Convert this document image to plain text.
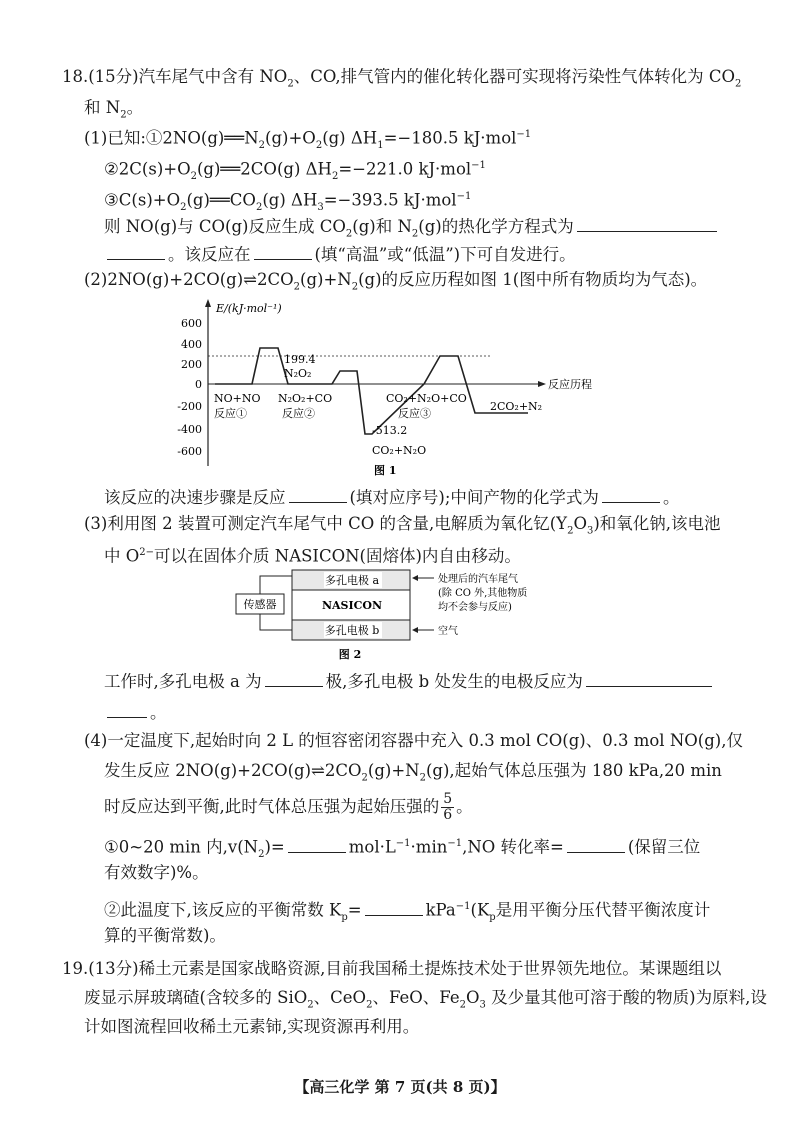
18.(15分)汽车尾气中含有 $NO_2$、CO,排气管内的催化转化器可实现将污染性气体转化为 $CO_2$
和 $N_2$。
(1)已知$:①2NO(g)══N_2(g)+O_2(g)$ $\Delta H_1=-180.5$ kJ·mol$^{-1}$
$②2C(s)+O_2(g)══2CO(g)$ $\Delta H_2=-221.0$ kJ·mol$^{-1}$
$③C(s)+O_2(g)══CO_2(g)$ $\Delta H_3=-393.5$ kJ·mol$^{-1}$
则 NO(g)与 CO(g)反应生成 $CO_2(g)$和 $N_2(g)$的热化学方程式为
。该反应在	(填“高温”或“低温”)下可自发进行。
$(2)2NO(g)+2CO(g)\rightleftharpoons 2CO_2(g)+N_2(g)$的反应历程如图 1(图中所有物质均为气态)。
600
400
200
0
-200
-400
-600
E/(kJ·mol⁻¹)
反应历程
199.4
N₂O₂
NO+NO
反应①
N₂O₂+CO
反应②
-513.2
CO₂+N₂O
CO₂+N₂O+CO
反应③
2CO₂+N₂
图 1
该反应的决速步骤是反应	(填对应序号);中间产物的化学式为	。
(3)利用图 2 装置可测定汽车尾气中 CO 的含量,电解质为氧化钇$(Y_2O_3)$和氧化钠,该电池
中 $O^{2-}$可以在固体介质 NASICON(固熔体)内自由移动。
传感器
多孔电极 a
NASICON
多孔电极 b
处理后的汽车尾气
(除 CO 外,其他物质
均不会参与反应)
空气
图 2
工作时,多孔电极 a 为	极,多孔电极 b 处发生的电极反应为
。
(4)一定温度下,起始时向 2 L 的恒容密闭容器中充入 0.3 mol CO(g)、0.3 mol NO(g),仅
发生反应 $2NO(g)+2CO(g)\rightleftharpoons 2CO_2(g)+N_2(g)$,起始气体总压强为 180 kPa,20 min
时反应达到平衡,此时气体总压强为起始压强的 $\frac{5}{6}$ 。
①0~20 min 内$,v(N_2)=$	$mol\cdot L^{-1}\cdot\min^{-1},NO$ 转化率=	(保留三位
有效数字)%。
②此温度下,该反应的平衡常数 $K_p=$	$kPa^{-1}(K_p$是用平衡分压代替平衡浓度计
算的平衡常数)。
19.(13分)稀土元素是国家战略资源,目前我国稀土提炼技术处于世界领先地位。某课题组以
废显示屏玻璃碴(含较多的 SiO$_2$、CeO$_2$、FeO、$Fe_2O_3$ 及少量其他可溶于酸的物质)为原料,设
计如图流程回收稀土元素铈,实现资源再利用。
【高三化学 第 7 页(共 8 页)】
